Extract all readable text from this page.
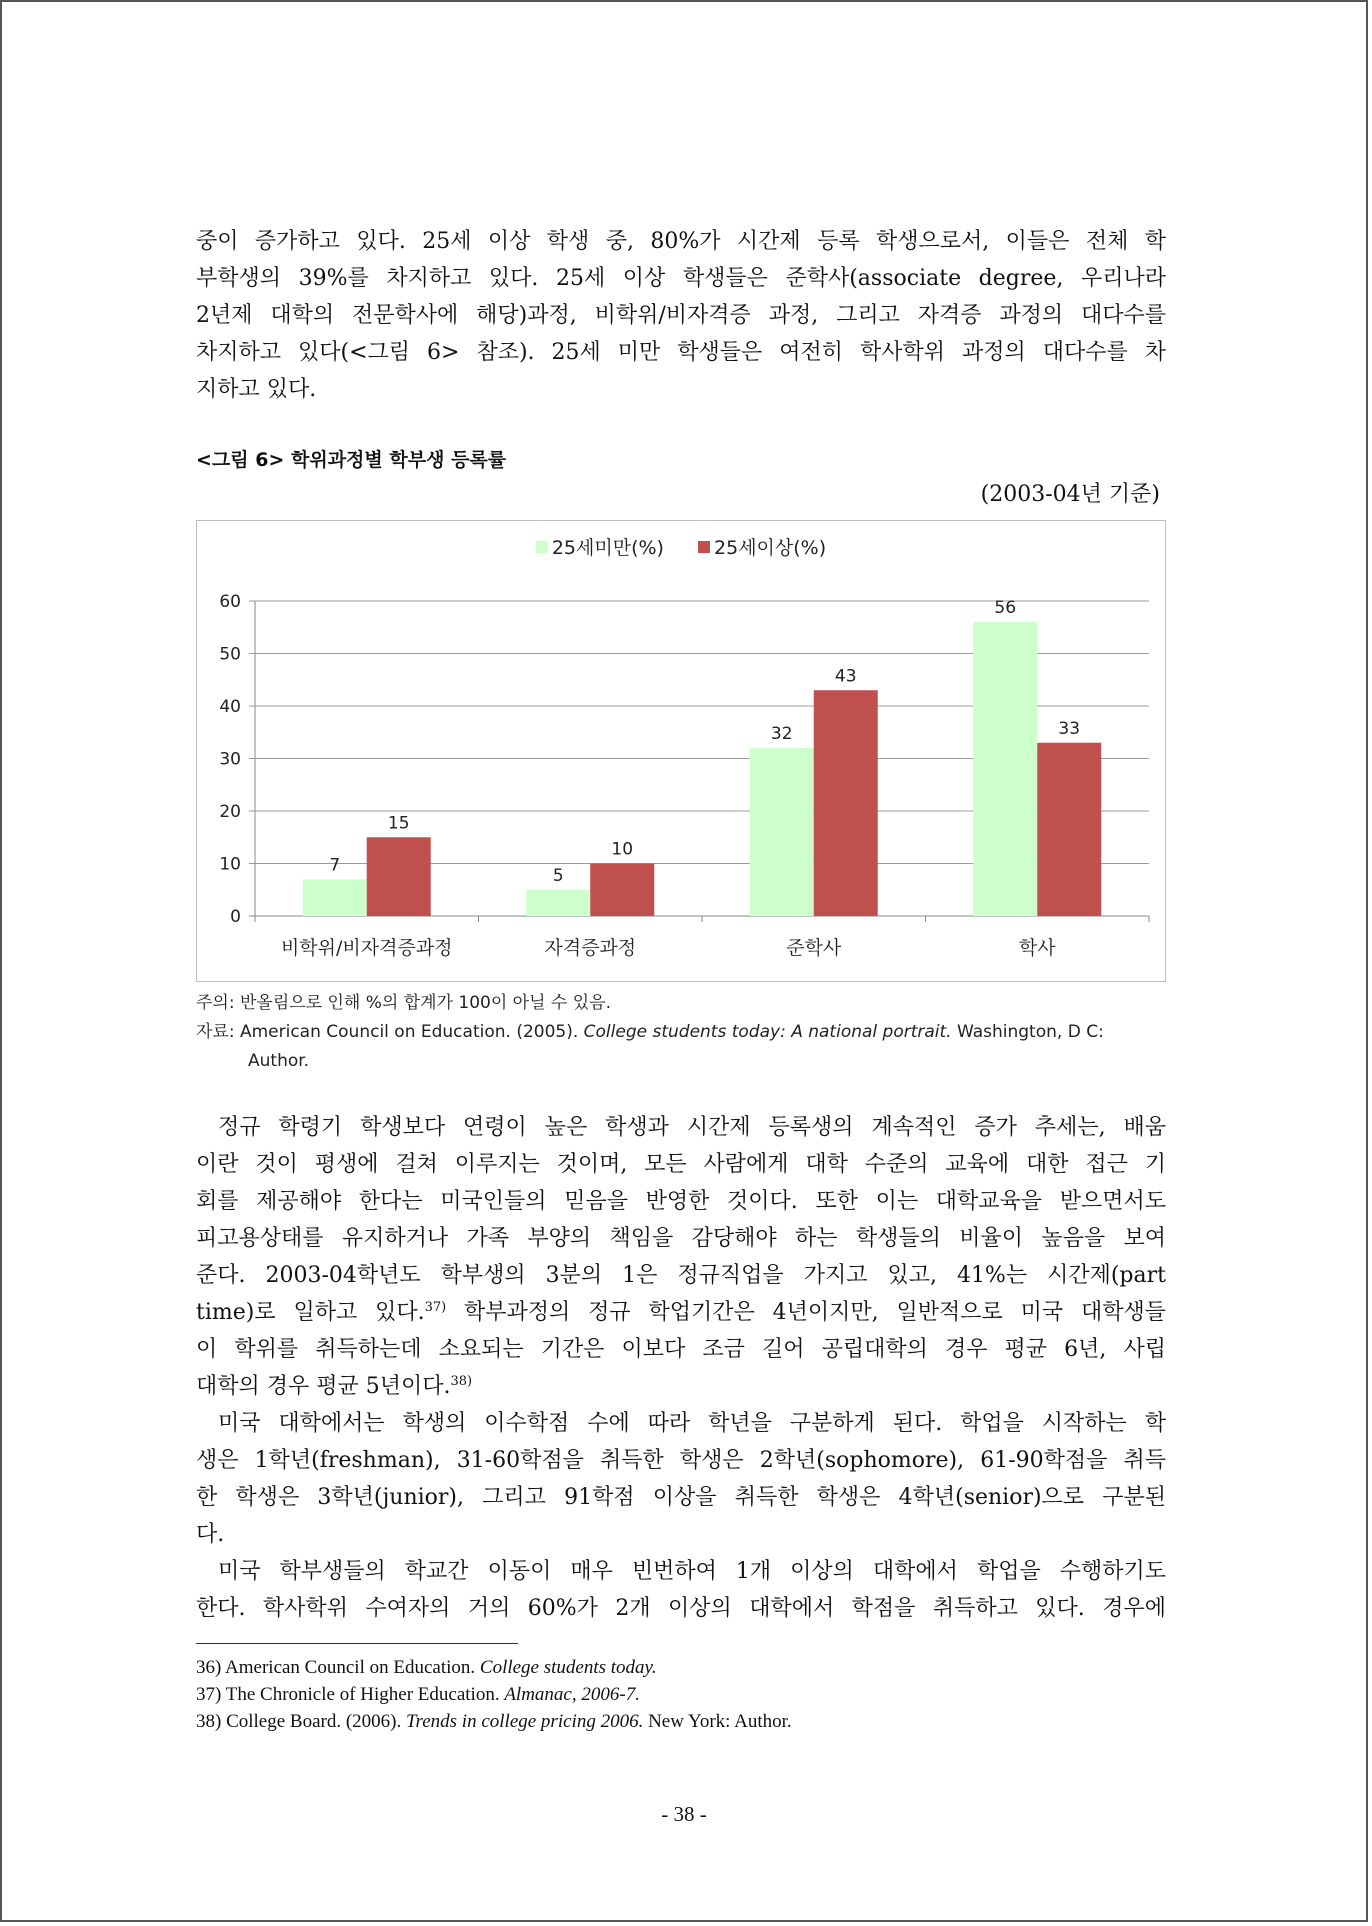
중이 증가하고 있다. 25세 이상 학생 중, 80%가 시간제 등록 학생으로서, 이들은 전체 학
부학생의 39%를 차지하고 있다. 25세 이상 학생들은 준학사(associate degree, 우리나라
2년제 대학의 전문학사에 해당)과정, 비학위/비자격증 과정, 그리고 자격증 과정의 대다수를
차지하고 있다(<그림 6> 참조). 25세 미만 학생들은 여전히 학사학위 과정의 대다수를 차
지하고 있다.
<그림 6> 학위과정별 학부생 등록률
(2003-04년 기준)
25세미만(%)
	25세이상(%)
0
10
20
30
40
50
60
7
15
비학위/비자격증과정
5
10
자격증과정
32
43
준학사
56
33
학사
주의: 반올림으로 인해 %의 합계가 100이 아닐 수 있음.
자료: American Council on Education. (2005). College students today: A national portrait. Washington, D C:
Author.
정규 학령기 학생보다 연령이 높은 학생과 시간제 등록생의 계속적인 증가 추세는, 배움
이란 것이 평생에 걸쳐 이루지는 것이며, 모든 사람에게 대학 수준의 교육에 대한 접근 기
회를 제공해야 한다는 미국인들의 믿음을 반영한 것이다. 또한 이는 대학교육을 받으면서도
피고용상태를 유지하거나 가족 부양의 책임을 감당해야 하는 학생들의 비율이 높음을 보여
준다. 2003-04학년도 학부생의 3분의 1은 정규직업을 가지고 있고, 41%는 시간제(part
time)로 일하고 있다.$^{37)}$ 학부과정의 정규 학업기간은 4년이지만, 일반적으로 미국 대학생들
이 학위를 취득하는데 소요되는 기간은 이보다 조금 길어 공립대학의 경우 평균 6년, 사립
대학의 경우 평균 5년이다.$^{38)}$
미국 대학에서는 학생의 이수학점 수에 따라 학년을 구분하게 된다. 학업을 시작하는 학
생은 1학년(freshman), 31-60학점을 취득한 학생은 2학년(sophomore), 61-90학점을 취득
한 학생은 3학년(junior), 그리고 91학점 이상을 취득한 학생은 4학년(senior)으로 구분된
다.
미국 학부생들의 학교간 이동이 매우 빈번하여 1개 이상의 대학에서 학업을 수행하기도
한다. 학사학위 수여자의 거의 60%가 2개 이상의 대학에서 학점을 취득하고 있다. 경우에
36) American Council on Education. College students today.
37) The Chronicle of Higher Education. Almanac, 2006-7.
38) College Board. (2006). Trends in college pricing 2006. New York: Author.
- 38 -
